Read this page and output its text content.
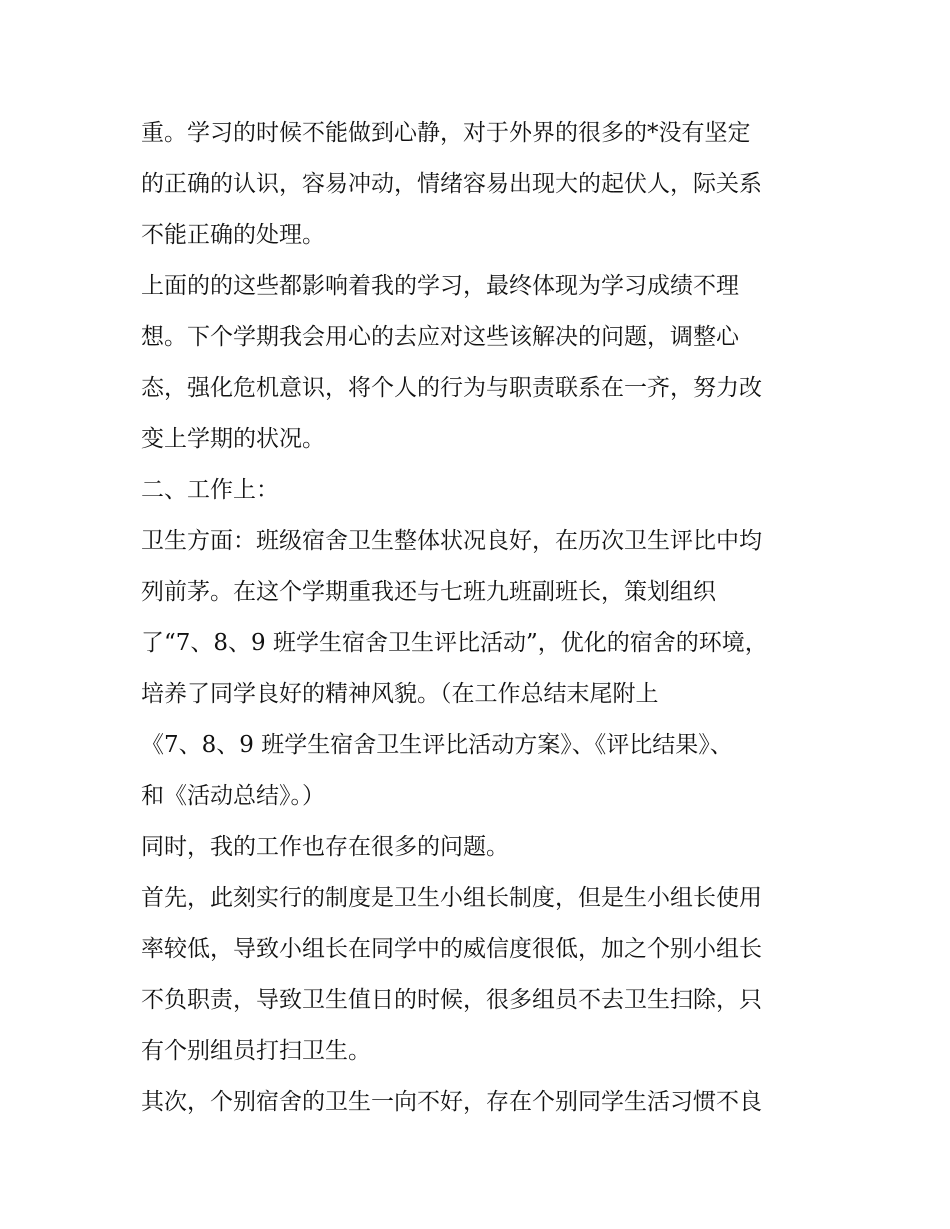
重。学习的时候不能做到心静，对于外界的很多的*没有坚定
的正确的认识，容易冲动，情绪容易出现大的起伏人，际关系
不能正确的处理。
上面的的这些都影响着我的学习，最终体现为学习成绩不理
想。下个学期我会用心的去应对这些该解决的问题，调整心
态，强化危机意识，将个人的行为与职责联系在一齐，努力改
变上学期的状况。
二、工作上：
卫生方面：班级宿舍卫生整体状况良好，在历次卫生评比中均
列前茅。在这个学期重我还与七班九班副班长，策划组织
了“7、8、9 班学生宿舍卫生评比活动”，优化的宿舍的环境，
培养了同学良好的精神风貌。（在工作总结末尾附上
《7、8、9 班学生宿舍卫生评比活动方案》、《评比结果》、
和《活动总结》。）
同时，我的工作也存在很多的问题。
首先，此刻实行的制度是卫生小组长制度，但是生小组长使用
率较低，导致小组长在同学中的威信度很低，加之个别小组长
不负职责，导致卫生值日的时候，很多组员不去卫生扫除，只
有个别组员打扫卫生。
其次，个别宿舍的卫生一向不好，存在个别同学生活习惯不良
